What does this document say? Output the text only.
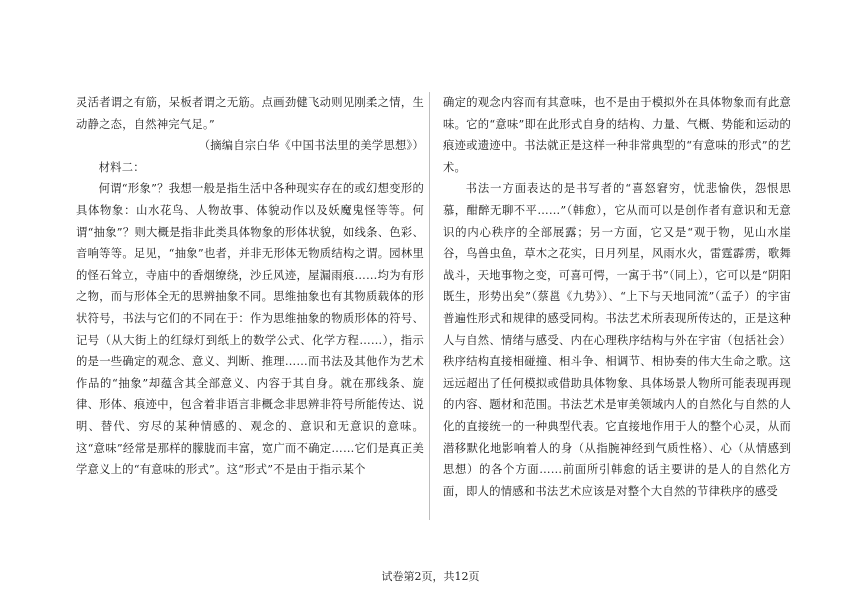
灵活者谓之有筋，呆板者谓之无筋。点画劲健飞动则见刚柔之情，生动静之态，自然神完气足。”

（摘编自宗白华《中国书法里的美学思想》）

材料二：

何谓“形象”？我想一般是指生活中各种现实存在的或幻想变形的具体物象：山水花鸟、人物故事、体貌动作以及妖魔鬼怪等等。何谓“抽象”？则大概是指非此类具体物象的形体状貌，如线条、色彩、音响等等。足见，“抽象”也者，并非无形体无物质结构之谓。园林里的怪石耸立，寺庙中的香烟缭绕，沙丘风迹，屋漏雨痕……均为有形之物，而与形体全无的思辨抽象不同。思维抽象也有其物质载体的形状符号，书法与它们的不同在于：作为思维抽象的物质形体的符号、记号（从大街上的红绿灯到纸上的数学公式、化学方程……），指示的是一些确定的观念、意义、判断、推理……而书法及其他作为艺术作品的“抽象”却蕴含其全部意义、内容于其自身。就在那线条、旋律、形体、痕迹中，包含着非语言非概念非思辨非符号所能传达、说明、替代、穷尽的某种情感的、观念的、意识和无意识的意味。这“意味”经常是那样的朦胧而丰富，宽广而不确定……它们是真正美学意义上的“有意味的形式”。这“形式”不是由于指示某个

确定的观念内容而有其意味，也不是由于模拟外在具体物象而有此意味。它的“意味”即在此形式自身的结构、力量、气概、势能和运动的痕迹或遗迹中。书法就正是这样一种非常典型的“有意味的形式”的艺术。

书法一方面表达的是书写者的“喜怒窘穷，忧悲愉佚，怨恨思慕，酣醉无聊不平……”（韩愈），它从而可以是创作者有意识和无意识的内心秩序的全部展露；另一方面，它又是“观于物，见山水崖谷，鸟兽虫鱼，草木之花实，日月列星，风雨水火，雷霆霹雳，歌舞战斗，天地事物之变，可喜可愕，一寓于书”（同上），它可以是“阴阳既生，形势出矣”（蔡邕《九势》）、“上下与天地同流”（孟子）的宇宙普遍性形式和规律的感受同构。书法艺术所表现所传达的，正是这种人与自然、情绪与感受、内在心理秩序结构与外在宇宙（包括社会）秩序结构直接相碰撞、相斗争、相调节、相协奏的伟大生命之歌。这远远超出了任何模拟或借助具体物象、具体场景人物所可能表现再现的内容、题材和范围。书法艺术是审美领域内人的自然化与自然的人化的直接统一的一种典型代表。它直接地作用于人的整个心灵，从而潜移默化地影响着人的身（从指腕神经到气质性格）、心（从情感到思想）的各个方面……前面所引韩愈的话主要讲的是人的自然化方面，即人的情感和书法艺术应该是对整个大自然的节律秩序的感受

试卷第2页，共12页
